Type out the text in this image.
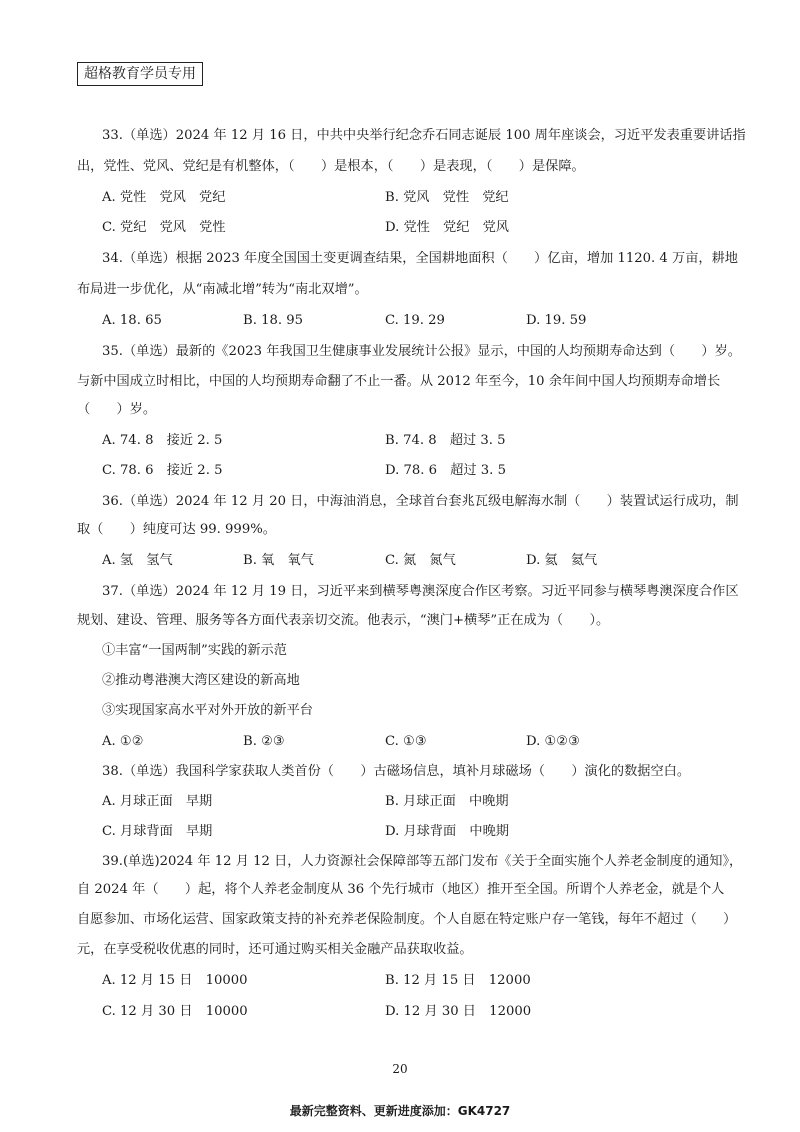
超格教育学员专用
33.（单选）2024 年 12 月 16 日，中共中央举行纪念乔石同志诞辰 100 周年座谈会，习近平发表重要讲话指
出，党性、党风、党纪是有机整体，（　　）是根本，（　　）是表现，（　　）是保障。
A. 党性　党风　党纪	B. 党风　党性　党纪
C. 党纪　党风　党性	D. 党性　党纪　党风
34.（单选）根据 2023 年度全国国土变更调查结果，全国耕地面积（　　）亿亩，增加 1120. 4 万亩，耕地
布局进一步优化，从“南减北增”转为“南北双增”。
A. 18. 65	B. 18. 95	C. 19. 29	D. 19. 59
35.（单选）最新的《2023 年我国卫生健康事业发展统计公报》显示，中国的人均预期寿命达到（　　）岁。
与新中国成立时相比，中国的人均预期寿命翻了不止一番。从 2012 年至今，10 余年间中国人均预期寿命增长
（　　）岁。
A. 74. 8　接近 2. 5	B. 74. 8　超过 3. 5
C. 78. 6　接近 2. 5	D. 78. 6　超过 3. 5
36.（单选）2024 年 12 月 20 日，中海油消息，全球首台套兆瓦级电解海水制（　　）装置试运行成功，制
取（　　）纯度可达 99. 999%。
A. 氢　氢气	B. 氧　氧气	C. 氮　氮气	D. 氦　氦气
37.（单选）2024 年 12 月 19 日，习近平来到横琴粤澳深度合作区考察。习近平同参与横琴粤澳深度合作区
规划、建设、管理、服务等各方面代表亲切交流。他表示，“澳门+横琴”正在成为（　　）。
①丰富“一国两制”实践的新示范
②推动粤港澳大湾区建设的新高地
③实现国家高水平对外开放的新平台
A. ①②	B. ②③	C. ①③	D. ①②③
38.（单选）我国科学家获取人类首份（　　）古磁场信息，填补月球磁场（　　）演化的数据空白。
A. 月球正面　早期	B. 月球正面　中晚期
C. 月球背面　早期	D. 月球背面　中晚期
39.(单选)2024 年 12 月 12 日，人力资源社会保障部等五部门发布《关于全面实施个人养老金制度的通知》，
自 2024 年（　　）起，将个人养老金制度从 36 个先行城市（地区）推开至全国。所谓个人养老金，就是个人
自愿参加、市场化运营、国家政策支持的补充养老保险制度。个人自愿在特定账户存一笔钱，每年不超过（　　）
元，在享受税收优惠的同时，还可通过购买相关金融产品获取收益。
A. 12 月 15 日　10000	B. 12 月 15 日　12000
C. 12 月 30 日　10000	D. 12 月 30 日　12000
20
最新完整资料、更新进度添加：GK4727
